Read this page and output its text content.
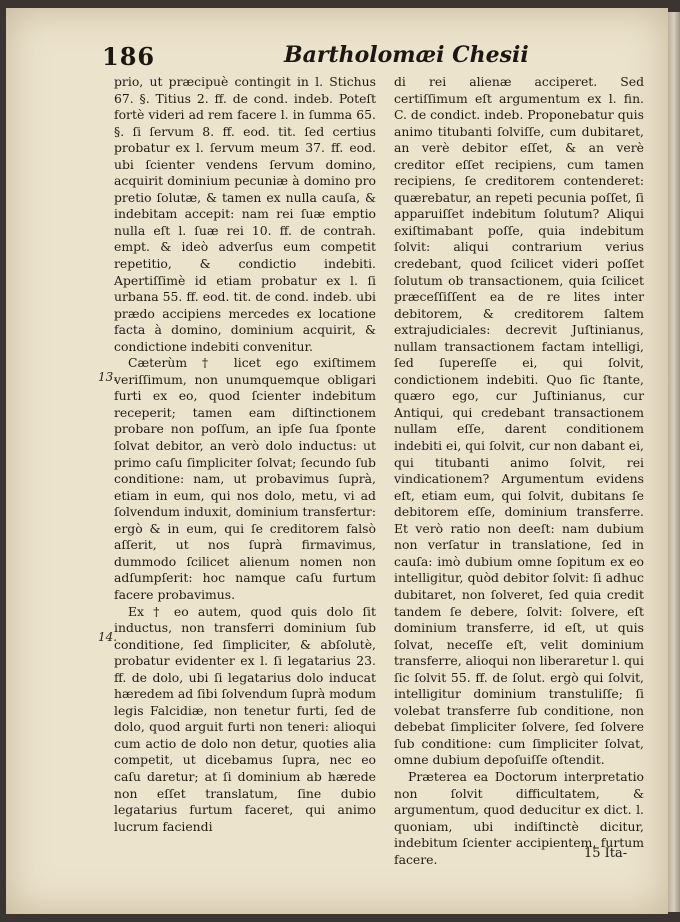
186	Bartholomæi Chesii

prio, ut præcipuè contingit in l. Stichus 67. §. Titius 2. ff. de cond. indeb. Poteſt fortè videri ad rem facere l. in ſumma 65. §. ſi ſervum 8. ff. eod. tit. ſed certius probatur ex l. ſervum meum 37. ff. eod. ubi ſcienter vendens ſervum domino, acquirit dominium pecuniæ à domino pro pretio ſolutæ, & tamen ex nulla cauſa, & indebitam accepit: nam rei ſuæ emptio nulla eſt l. ſuæ rei 10. ff. de contrah. empt. & ideò adverſus eum competit repetitio, & condictio indebiti. Apertiſſimè id etiam probatur ex l. ſi urbana 55. ff. eod. tit. de cond. indeb. ubi prædo accipiens mercedes ex locatione facta à domino, dominium acquirit, & condictione indebiti convenitur.

Cæterùm † licet ego exiſtimem veriſſimum, non unumquemque obligari furti ex eo, quod ſcienter indebitum receperit; tamen eam diſtinctionem probare non poſſum, an ipſe ſua ſponte ſolvat debitor, an verò dolo inductus: ut primo caſu ſimpliciter ſolvat; ſecundo ſub conditione: nam, ut probavimus ſuprà, etiam in eum, qui nos dolo, metu, vi ad ſolvendum induxit, dominium transfertur: ergò & in eum, qui ſe creditorem falsò aſſerit, ut nos ſuprà firmavimus, dummodo ſcilicet alienum nomen non adſumpſerit: hoc namque caſu furtum facere probavimus.

Ex † eo autem, quod quis dolo ſit inductus, non transferri dominium ſub conditione, ſed ſimpliciter, & abſolutè, probatur evidenter ex l. ſi legatarius 23. ff. de dolo, ubi ſi legatarius dolo inducat hæredem ad ſibi ſolvendum ſuprà modum legis Falcidiæ, non tenetur furti, ſed de dolo, quod arguit furti non teneri: alioqui cum actio de dolo non detur, quoties alia competit, ut dicebamus ſupra, nec eo caſu daretur; at ſi dominium ab hærede non eſſet translatum, ſine dubio legatarius furtum faceret, qui animo lucrum faciendi

13.
14.

di rei alienæ acciperet. Sed certiſſimum eſt argumentum ex l. fin. C. de condict. indeb. Proponebatur quis animo titubanti ſolviſſe, cum dubitaret, an verè debitor eſſet, & an verè creditor eſſet recipiens, cum tamen recipiens, ſe creditorem contenderet: quærebatur, an repeti pecunia poſſet, ſi apparuiſſet indebitum ſolutum? Aliqui exiſtimabant poſſe, quia indebitum ſolvit: aliqui contrarium verius credebant, quod ſcilicet videri poſſet ſolutum ob transactionem, quia ſcilicet præceſſiſſent ea de re lites inter debitorem, & creditorem ſaltem extrajudiciales: decrevit Juſtinianus, nullam transactionem factam intelligi, ſed ſupereſſe ei, qui ſolvit, condictionem indebiti. Quo ſic ſtante, quæro ego, cur Juſtinianus, cur Antiqui, qui credebant transactionem nullam eſſe, darent conditionem indebiti ei, qui ſolvit, cur non dabant ei, qui titubanti animo ſolvit, rei vindicationem? Argumentum evidens eſt, etiam eum, qui ſolvit, dubitans ſe debitorem eſſe, dominium transferre. Et verò ratio non deeſt: nam dubium non verſatur in translatione, ſed in cauſa: imò dubium omne ſopitum ex eo intelligitur, quòd debitor ſolvit: ſi adhuc dubitaret, non ſolveret, ſed quia credit tandem ſe debere, ſolvit: ſolvere, eſt dominium transferre, id eſt, ut quis ſolvat, neceſſe eſt, velit dominium transferre, alioqui non liberaretur l. qui ſic ſolvit 55. ff. de ſolut. ergò qui ſolvit, intelligitur dominium transtuliſſe; ſi volebat transferre ſub conditione, non debebat ſimpliciter ſolvere, ſed ſolvere ſub conditione: cum ſimpliciter ſolvat, omne dubium depoſuiſſe oſtendit.

Præterea ea Doctorum interpretatio non ſolvit difficultatem, & argumentum, quod deducitur ex dict. l. quoniam, ubi indiſtinctè dicitur, indebitum ſcienter accipientem, furtum facere.	15 Ita-
